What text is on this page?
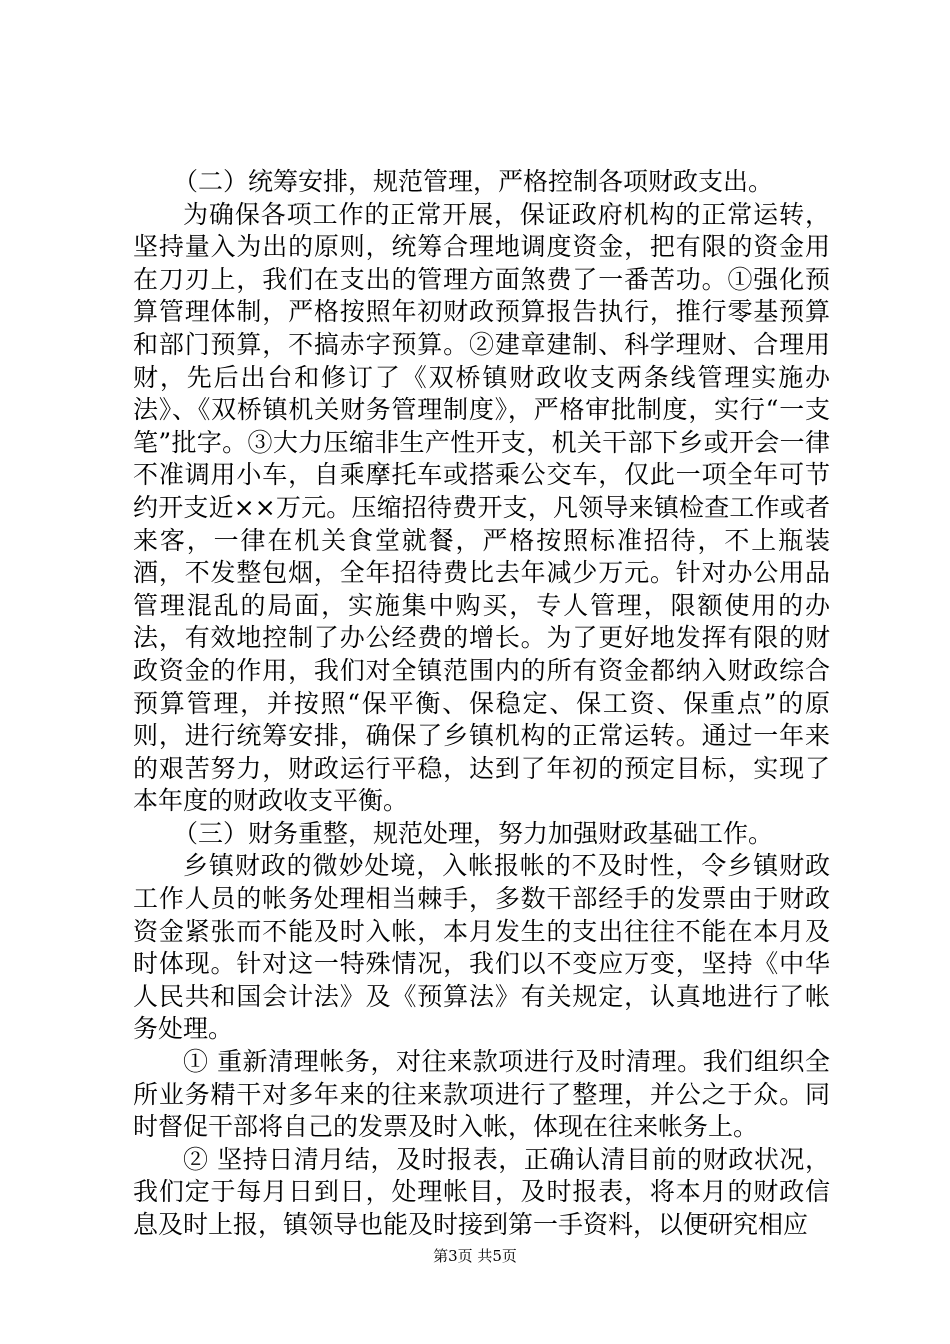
（二）统筹安排，规范管理，严格控制各项财政支出。

为确保各项工作的正常开展，保证政府机构的正常运转，坚持量入为出的原则，统筹合理地调度资金，把有限的资金用在刀刃上，我们在支出的管理方面煞费了一番苦功。①强化预算管理体制，严格按照年初财政预算报告执行，推行零基预算和部门预算，不搞赤字预算。②建章建制、科学理财、合理用财，先后出台和修订了《双桥镇财政收支两条线管理实施办法》、《双桥镇机关财务管理制度》，严格审批制度，实行“一支笔”批字。③大力压缩非生产性开支，机关干部下乡或开会一律不准调用小车，自乘摩托车或搭乘公交车，仅此一项全年可节约开支近××万元。压缩招待费开支，凡领导来镇检查工作或者来客，一律在机关食堂就餐，严格按照标准招待，不上瓶装酒，不发整包烟，全年招待费比去年减少万元。针对办公用品管理混乱的局面，实施集中购买，专人管理，限额使用的办法，有效地控制了办公经费的增长。为了更好地发挥有限的财政资金的作用，我们对全镇范围内的所有资金都纳入财政综合预算管理，并按照“保平衡、保稳定、保工资、保重点”的原则，进行统筹安排，确保了乡镇机构的正常运转。通过一年来的艰苦努力，财政运行平稳，达到了年初的预定目标，实现了本年度的财政收支平衡。

（三）财务重整，规范处理，努力加强财政基础工作。

乡镇财政的微妙处境，入帐报帐的不及时性，令乡镇财政工作人员的帐务处理相当棘手，多数干部经手的发票由于财政资金紧张而不能及时入帐，本月发生的支出往往不能在本月及时体现。针对这一特殊情况，我们以不变应万变，坚持《中华人民共和国会计法》及《预算法》有关规定，认真地进行了帐务处理。

① 重新清理帐务，对往来款项进行及时清理。我们组织全所业务精干对多年来的往来款项进行了整理，并公之于众。同时督促干部将自己的发票及时入帐，体现在往来帐务上。

② 坚持日清月结，及时报表，正确认清目前的财政状况，我们定于每月日到日，处理帐目，及时报表，将本月的财政信息及时上报，镇领导也能及时接到第一手资料，以便研究相应

第3页 共5页
